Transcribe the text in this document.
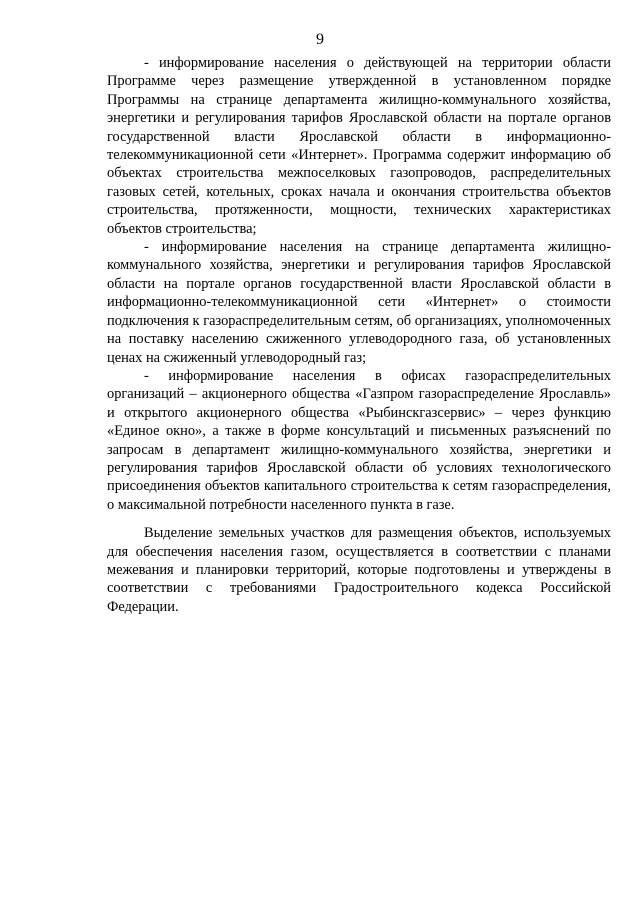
9

- информирование населения о действующей на территории области Программе через размещение утвержденной в установленном порядке Программы на странице департамента жилищно-коммунального хозяйства, энергетики и регулирования тарифов Ярославской области на портале органов государственной власти Ярославской области в информационно-телекоммуникационной сети «Интернет». Программа содержит информацию об объектах строительства межпоселковых газопроводов, распределительных газовых сетей, котельных, сроках начала и окончания строительства объектов строительства, протяженности, мощности, технических характеристиках объектов строительства;

- информирование населения на странице департамента жилищно-коммунального хозяйства, энергетики и регулирования тарифов Ярославской области на портале органов государственной власти Ярославской области в информационно-телекоммуникационной сети «Интернет» о стоимости подключения к газораспределительным сетям, об организациях, уполномоченных на поставку населению сжиженного углеводородного газа, об установленных ценах на сжиженный углеводородный газ;

- информирование населения в офисах газораспределительных организаций – акционерного общества «Газпром газораспределение Ярославль» и открытого акционерного общества «Рыбинскгазсервис» – через функцию «Единое окно», а также в форме консультаций и письменных разъяснений по запросам в департамент жилищно-коммунального хозяйства, энергетики и регулирования тарифов Ярославской области об условиях технологического присоединения объектов капитального строительства к сетям газораспределения, о максимальной потребности населенного пункта в газе.

Выделение земельных участков для размещения объектов, используемых для обеспечения населения газом, осуществляется в соответствии с планами межевания и планировки территорий, которые подготовлены и утверждены в соответствии с требованиями Градостроительного кодекса Российской Федерации.
